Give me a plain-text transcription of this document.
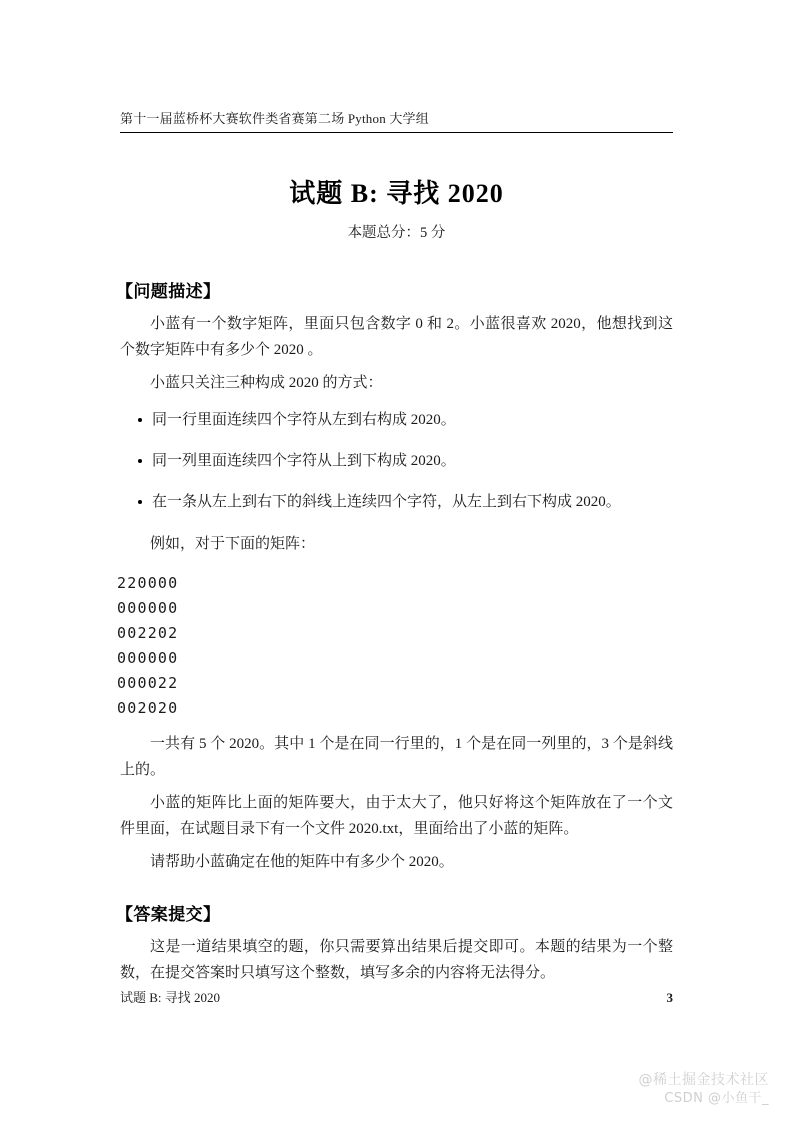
第十一届蓝桥杯大赛软件类省赛第二场 Python 大学组
试题 B: 寻找 2020
本题总分：5 分
【问题描述】

小蓝有一个数字矩阵，里面只包含数字 0 和 2。小蓝很喜欢 2020，他想找到这个数字矩阵中有多少个 2020 。

小蓝只关注三种构成 2020 的方式：

同一行里面连续四个字符从左到右构成 2020。
同一列里面连续四个字符从上到下构成 2020。
在一条从左上到右下的斜线上连续四个字符，从左上到右下构成 2020。

例如，对于下面的矩阵：

220000
000000
002202
000000
000022
002020

一共有 5 个 2020。其中 1 个是在同一行里的，1 个是在同一列里的，3 个是斜线上的。

小蓝的矩阵比上面的矩阵要大，由于太大了，他只好将这个矩阵放在了一个文件里面，在试题目录下有一个文件 2020.txt，里面给出了小蓝的矩阵。

请帮助小蓝确定在他的矩阵中有多少个 2020。

【答案提交】

这是一道结果填空的题，你只需要算出结果后提交即可。本题的结果为一个整数，在提交答案时只填写这个整数，填写多余的内容将无法得分。

试题 B: 寻找 2020	3
@稀土掘金技术社区
CSDN @小鱼干_
